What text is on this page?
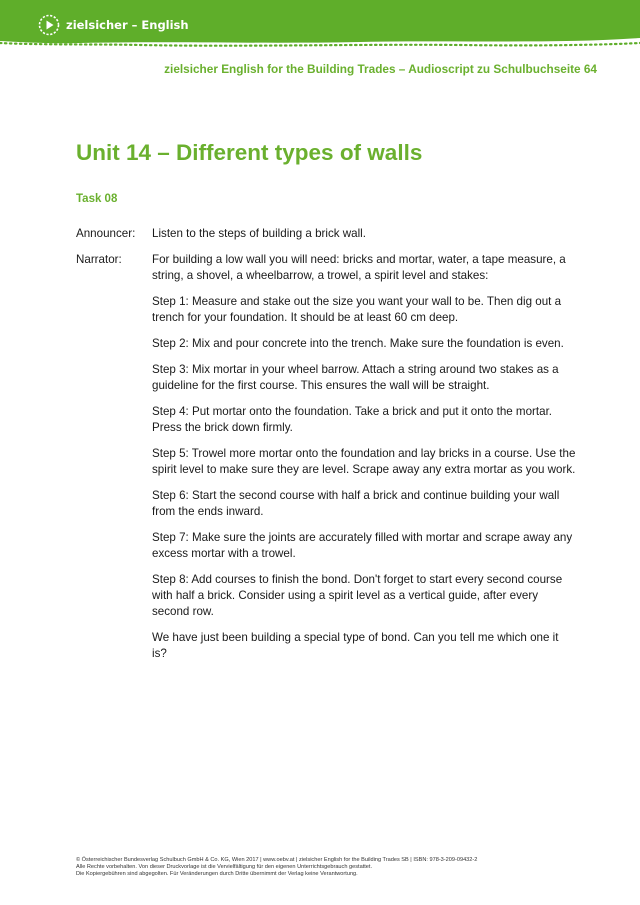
zielsicher – English
zielsicher English for the Building Trades – Audioscript zu Schulbuchseite 64
Unit 14 – Different types of walls
Task 08
Announcer:	Listen to the steps of building a brick wall.

Narrator:	For building a low wall you will need: bricks and mortar, water, a tape measure, a string, a shovel, a wheelbarrow, a trowel, a spirit level and stakes:

Step 1: Measure and stake out the size you want your wall to be. Then dig out a trench for your foundation. It should be at least 60 cm deep.

Step 2: Mix and pour concrete into the trench. Make sure the foundation is even.

Step 3: Mix mortar in your wheel barrow. Attach a string around two stakes as a guideline for the first course. This ensures the wall will be straight.

Step 4: Put mortar onto the foundation. Take a brick and put it onto the mortar. Press the brick down firmly.

Step 5: Trowel more mortar onto the foundation and lay bricks in a course. Use the spirit level to make sure they are level. Scrape away any extra mortar as you work.

Step 6: Start the second course with half a brick and continue building your wall from the ends inward.

Step 7: Make sure the joints are accurately filled with mortar and scrape away any excess mortar with a trowel.

Step 8: Add courses to finish the bond. Don't forget to start every second course with half a brick. Consider using a spirit level as a vertical guide, after every second row.

We have just been building a special type of bond. Can you tell me which one it is?

© Österreichischer Bundesverlag Schulbuch GmbH & Co. KG, Wien 2017 | www.oebv.at | zielsicher English for the Building Trades SB | ISBN: 978-3-209-09432-2
Alle Rechte vorbehalten. Von dieser Druckvorlage ist die Vervielfältigung für den eigenen Unterrichtsgebrauch gestattet.
Die Kopiergebühren sind abgegolten. Für Veränderungen durch Dritte übernimmt der Verlag keine Verantwortung.
